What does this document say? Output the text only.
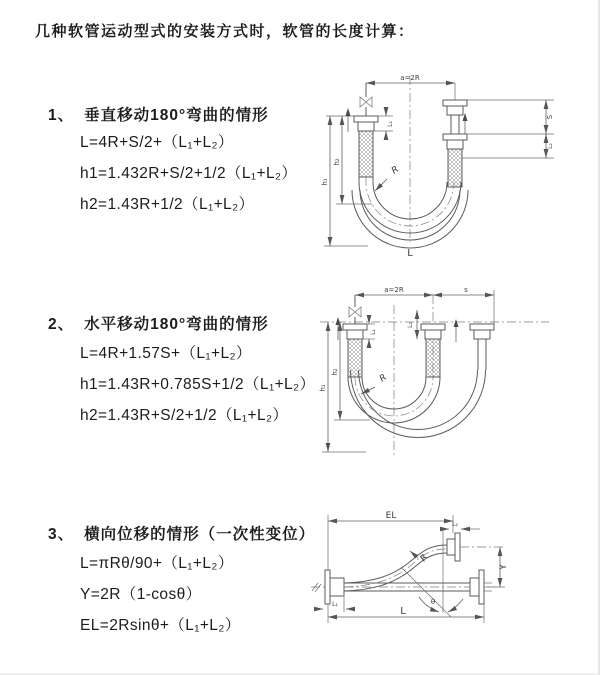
几种软管运动型式的安装方式时，软管的长度计算：
1、 垂直移动180°弯曲的情形
L=4R+S/2+（L₁+L₂）
h1=1.432R+S/2+1/2（L₁+L₂）
h2=1.43R+1/2（L₁+L₂）
a=2R
L₁
S
L₂
h₁
h₂
R
L
2、 水平移动180°弯曲的情形
L=4R+1.57S+（L₁+L₂）
h1=1.43R+0.785S+1/2（L₁+L₂）
h2=1.43R+S/2+1/2（L₁+L₂）
a=2R	s
L₁
L₂
h₁
h₂
R
3、 横向位移的情形（一次性变位）
L=πRθ/90+（L₁+L₂）
Y=2R（1-cosθ）
EL=2Rsinθ+（L₁+L₂）
EL
L₂
Y
θ
R
L₁
L
